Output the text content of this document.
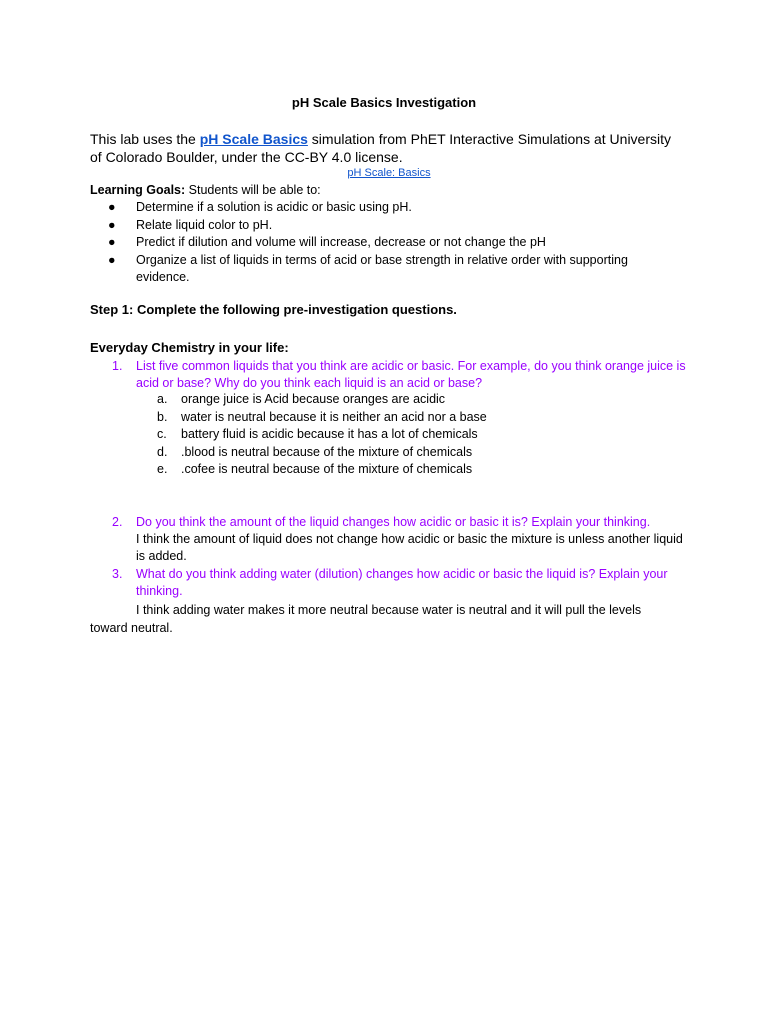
pH Scale Basics Investigation
This lab uses the pH Scale Basics simulation from PhET Interactive Simulations at University of Colorado Boulder, under the CC-BY 4.0 license.
pH Scale: Basics
Learning Goals: Students will be able to:
● Determine if a solution is acidic or basic using pH.
● Relate liquid color to pH.
● Predict if dilution and volume will increase, decrease or not change the pH
● Organize a list of liquids in terms of acid or base strength in relative order with supporting evidence.
Step 1: Complete the following pre-investigation questions.
Everyday Chemistry in your life:
1. List five common liquids that you think are acidic or basic. For example, do you think orange juice is acid or base? Why do you think each liquid is an acid or base?
a. orange juice is Acid because oranges are acidic
b. water is neutral because it is neither an acid nor a base
c. battery fluid is acidic because it has a lot of chemicals
d. .blood is neutral because of the mixture of chemicals
e. .cofee is neutral because of the mixture of chemicals
2. Do you think the amount of the liquid changes how acidic or basic it is? Explain your thinking.
I think the amount of liquid does not change how acidic or basic the mixture is unless another liquid is added.
3. What do you think adding water (dilution) changes how acidic or basic the liquid is? Explain your thinking.
I think adding water makes it more neutral because water is neutral and it will pull the levels toward neutral.
